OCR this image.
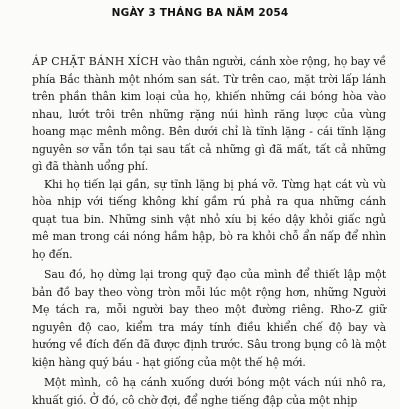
NGÀY 3 THÁNG BA NĂM 2054

ÁP CHẶT BÁNH XÍCH vào thân người, cánh xòe rộng, họ bay về phía Bắc thành một nhóm san sát. Từ trên cao, mặt trời lấp lánh trên phần thân kim loại của họ, khiến những cái bóng hòa vào nhau, lướt trôi trên những rặng núi hình răng lược của vùng hoang mạc mênh mông. Bên dưới chỉ là tĩnh lặng - cái tĩnh lặng nguyên sơ vẫn tồn tại sau tất cả những gì đã mất, tất cả những gì đã thành uổng phí.

Khi họ tiến lại gần, sự tĩnh lặng bị phá vỡ. Từng hạt cát vù vù hòa nhịp với tiếng không khí gầm rú phả ra qua những cánh quạt tua bin. Những sinh vật nhỏ xíu bị kéo dậy khỏi giấc ngủ mê man trong cái nóng hầm hập, bò ra khỏi chỗ ẩn nấp để nhìn họ đến.

Sau đó, họ dừng lại trong quỹ đạo của mình để thiết lập một bản đồ bay theo vòng tròn mỗi lúc một rộng hơn, những Người Mẹ tách ra, mỗi người bay theo một đường riêng. Rho-Z giữ nguyên độ cao, kiểm tra máy tính điều khiển chế độ bay và hướng về đích đến đã được định trước. Sâu trong bụng cô là một kiện hàng quý báu - hạt giống của một thế hệ mới.

Một mình, cô hạ cánh xuống dưới bóng một vách núi nhô ra, khuất gió. Ở đó, cô chờ đợi, để nghe tiếng đập của một nhịp
